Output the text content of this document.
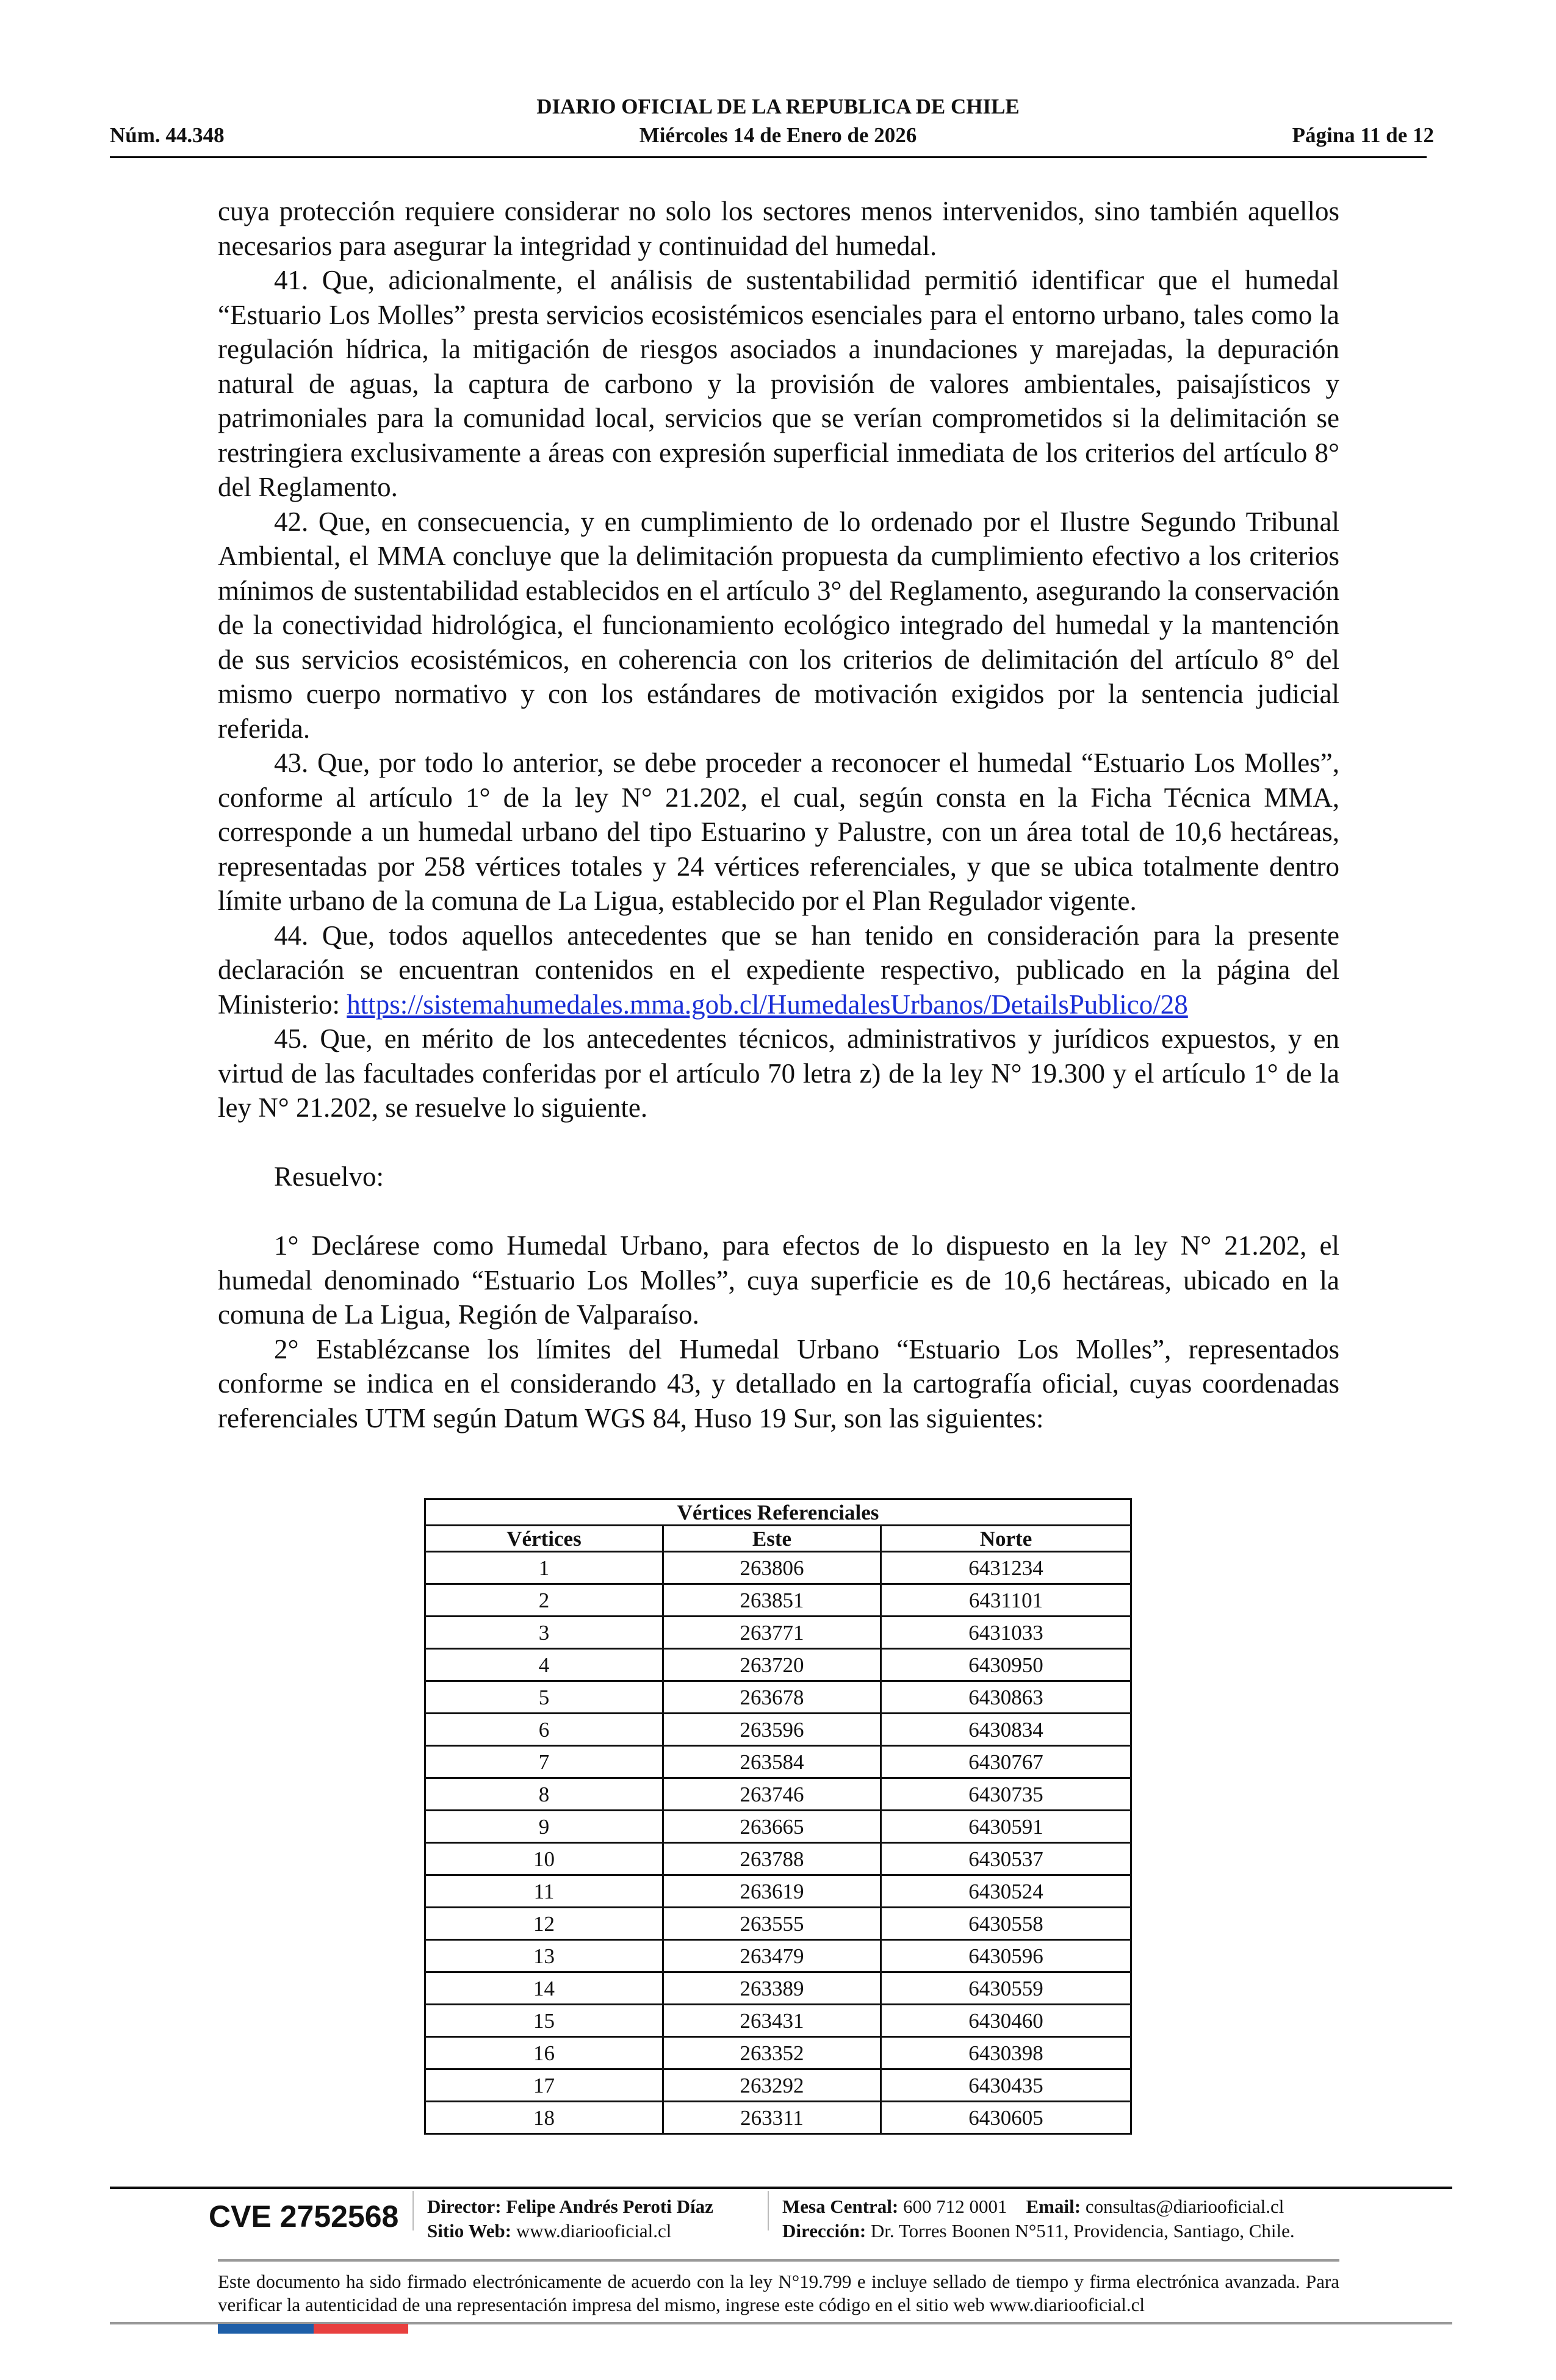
DIARIO OFICIAL DE LA REPUBLICA DE CHILE
Núm. 44.348	Miércoles 14 de Enero de 2026	Página 11 de 12

cuya protección requiere considerar no solo los sectores menos intervenidos, sino también aquellos necesarios para asegurar la integridad y continuidad del humedal.

41. Que, adicionalmente, el análisis de sustentabilidad permitió identificar que el humedal “Estuario Los Molles” presta servicios ecosistémicos esenciales para el entorno urbano, tales como la regulación hídrica, la mitigación de riesgos asociados a inundaciones y marejadas, la depuración natural de aguas, la captura de carbono y la provisión de valores ambientales, paisajísticos y patrimoniales para la comunidad local, servicios que se verían comprometidos si la delimitación se restringiera exclusivamente a áreas con expresión superficial inmediata de los criterios del artículo 8° del Reglamento.

42. Que, en consecuencia, y en cumplimiento de lo ordenado por el Ilustre Segundo Tribunal Ambiental, el MMA concluye que la delimitación propuesta da cumplimiento efectivo a los criterios mínimos de sustentabilidad establecidos en el artículo 3° del Reglamento, asegurando la conservación de la conectividad hidrológica, el funcionamiento ecológico integrado del humedal y la mantención de sus servicios ecosistémicos, en coherencia con los criterios de delimitación del artículo 8° del mismo cuerpo normativo y con los estándares de motivación exigidos por la sentencia judicial referida.

43. Que, por todo lo anterior, se debe proceder a reconocer el humedal “Estuario Los Molles”, conforme al artículo 1° de la ley N° 21.202, el cual, según consta en la Ficha Técnica MMA, corresponde a un humedal urbano del tipo Estuarino y Palustre, con un área total de 10,6 hectáreas, representadas por 258 vértices totales y 24 vértices referenciales, y que se ubica totalmente dentro límite urbano de la comuna de La Ligua, establecido por el Plan Regulador vigente.

44. Que, todos aquellos antecedentes que se han tenido en consideración para la presente declaración se encuentran contenidos en el expediente respectivo, publicado en la página del Ministerio: https://sistemahumedales.mma.gob.cl/HumedalesUrbanos/DetailsPublico/28

45. Que, en mérito de los antecedentes técnicos, administrativos y jurídicos expuestos, y en virtud de las facultades conferidas por el artículo 70 letra z) de la ley N° 19.300 y el artículo 1° de la ley N° 21.202, se resuelve lo siguiente.

Resuelvo:

1° Declárese como Humedal Urbano, para efectos de lo dispuesto en la ley N° 21.202, el humedal denominado “Estuario Los Molles”, cuya superficie es de 10,6 hectáreas, ubicado en la comuna de La Ligua, Región de Valparaíso.

2° Establézcanse los límites del Humedal Urbano “Estuario Los Molles”, representados conforme se indica en el considerando 43, y detallado en la cartografía oficial, cuyas coordenadas referenciales UTM según Datum WGS 84, Huso 19 Sur, son las siguientes:

Vértices Referenciales		
Vértices	Este	Norte
1	263806	6431234
2	263851	6431101
3	263771	6431033
4	263720	6430950
5	263678	6430863
6	263596	6430834
7	263584	6430767
8	263746	6430735
9	263665	6430591
10	263788	6430537
11	263619	6430524
12	263555	6430558
13	263479	6430596
14	263389	6430559
15	263431	6430460
16	263352	6430398
17	263292	6430435
18	263311	6430605
CVE 2752568 Director: Felipe Andrés Peroti Díaz
Sitio Web: www.diariooficial.cl
Mesa Central: 600 712 0001 Email: consultas@diariooficial.cl
Dirección: Dr. Torres Boonen N°511, Providencia, Santiago, Chile.
Este documento ha sido firmado electrónicamente de acuerdo con la ley N°19.799 e incluye sellado de tiempo y firma electrónica avanzada. Para verificar la autenticidad de una representación impresa del mismo, ingrese este código en el sitio web www.diariooficial.cl
